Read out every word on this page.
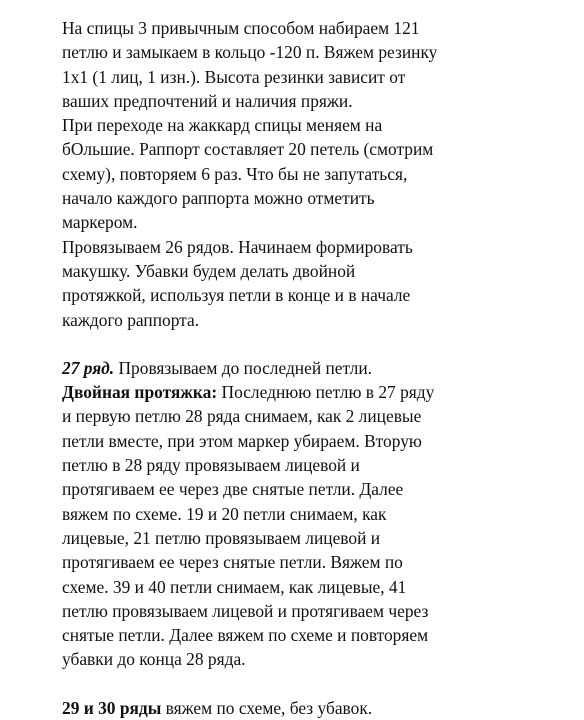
На спицы 3 привычным способом набираем 121
петлю и замыкаем в кольцо -120 п. Вяжем резинку
1х1 (1 лиц, 1 изн.). Высота резинки зависит от
ваших предпочтений и наличия пряжи.
При переходе на жаккард спицы меняем на
бОльшие. Раппорт составляет 20 петель (смотрим
схему), повторяем 6 раз. Что бы не запутаться,
начало каждого раппорта можно отметить
маркером.
Провязываем 26 рядов. Начинаем формировать
макушку. Убавки будем делать двойной
протяжкой, используя петли в конце и в начале
каждого раппорта.
27 ряд. Провязываем до последней петли.
Двойная протяжка: Последнюю петлю в 27 ряду
и первую петлю 28 ряда снимаем, как 2 лицевые
петли вместе, при этом маркер убираем. Вторую
петлю в 28 ряду провязываем лицевой и
протягиваем ее через две снятые петли. Далее
вяжем по схеме. 19 и 20 петли снимаем, как
лицевые, 21 петлю провязываем лицевой и
протягиваем ее через снятые петли. Вяжем по
схеме. 39 и 40 петли снимаем, как лицевые, 41
петлю провязываем лицевой и протягиваем через
снятые петли. Далее вяжем по схеме и повторяем
убавки до конца 28 ряда.
29 и 30 ряды вяжем по схеме, без убавок.
